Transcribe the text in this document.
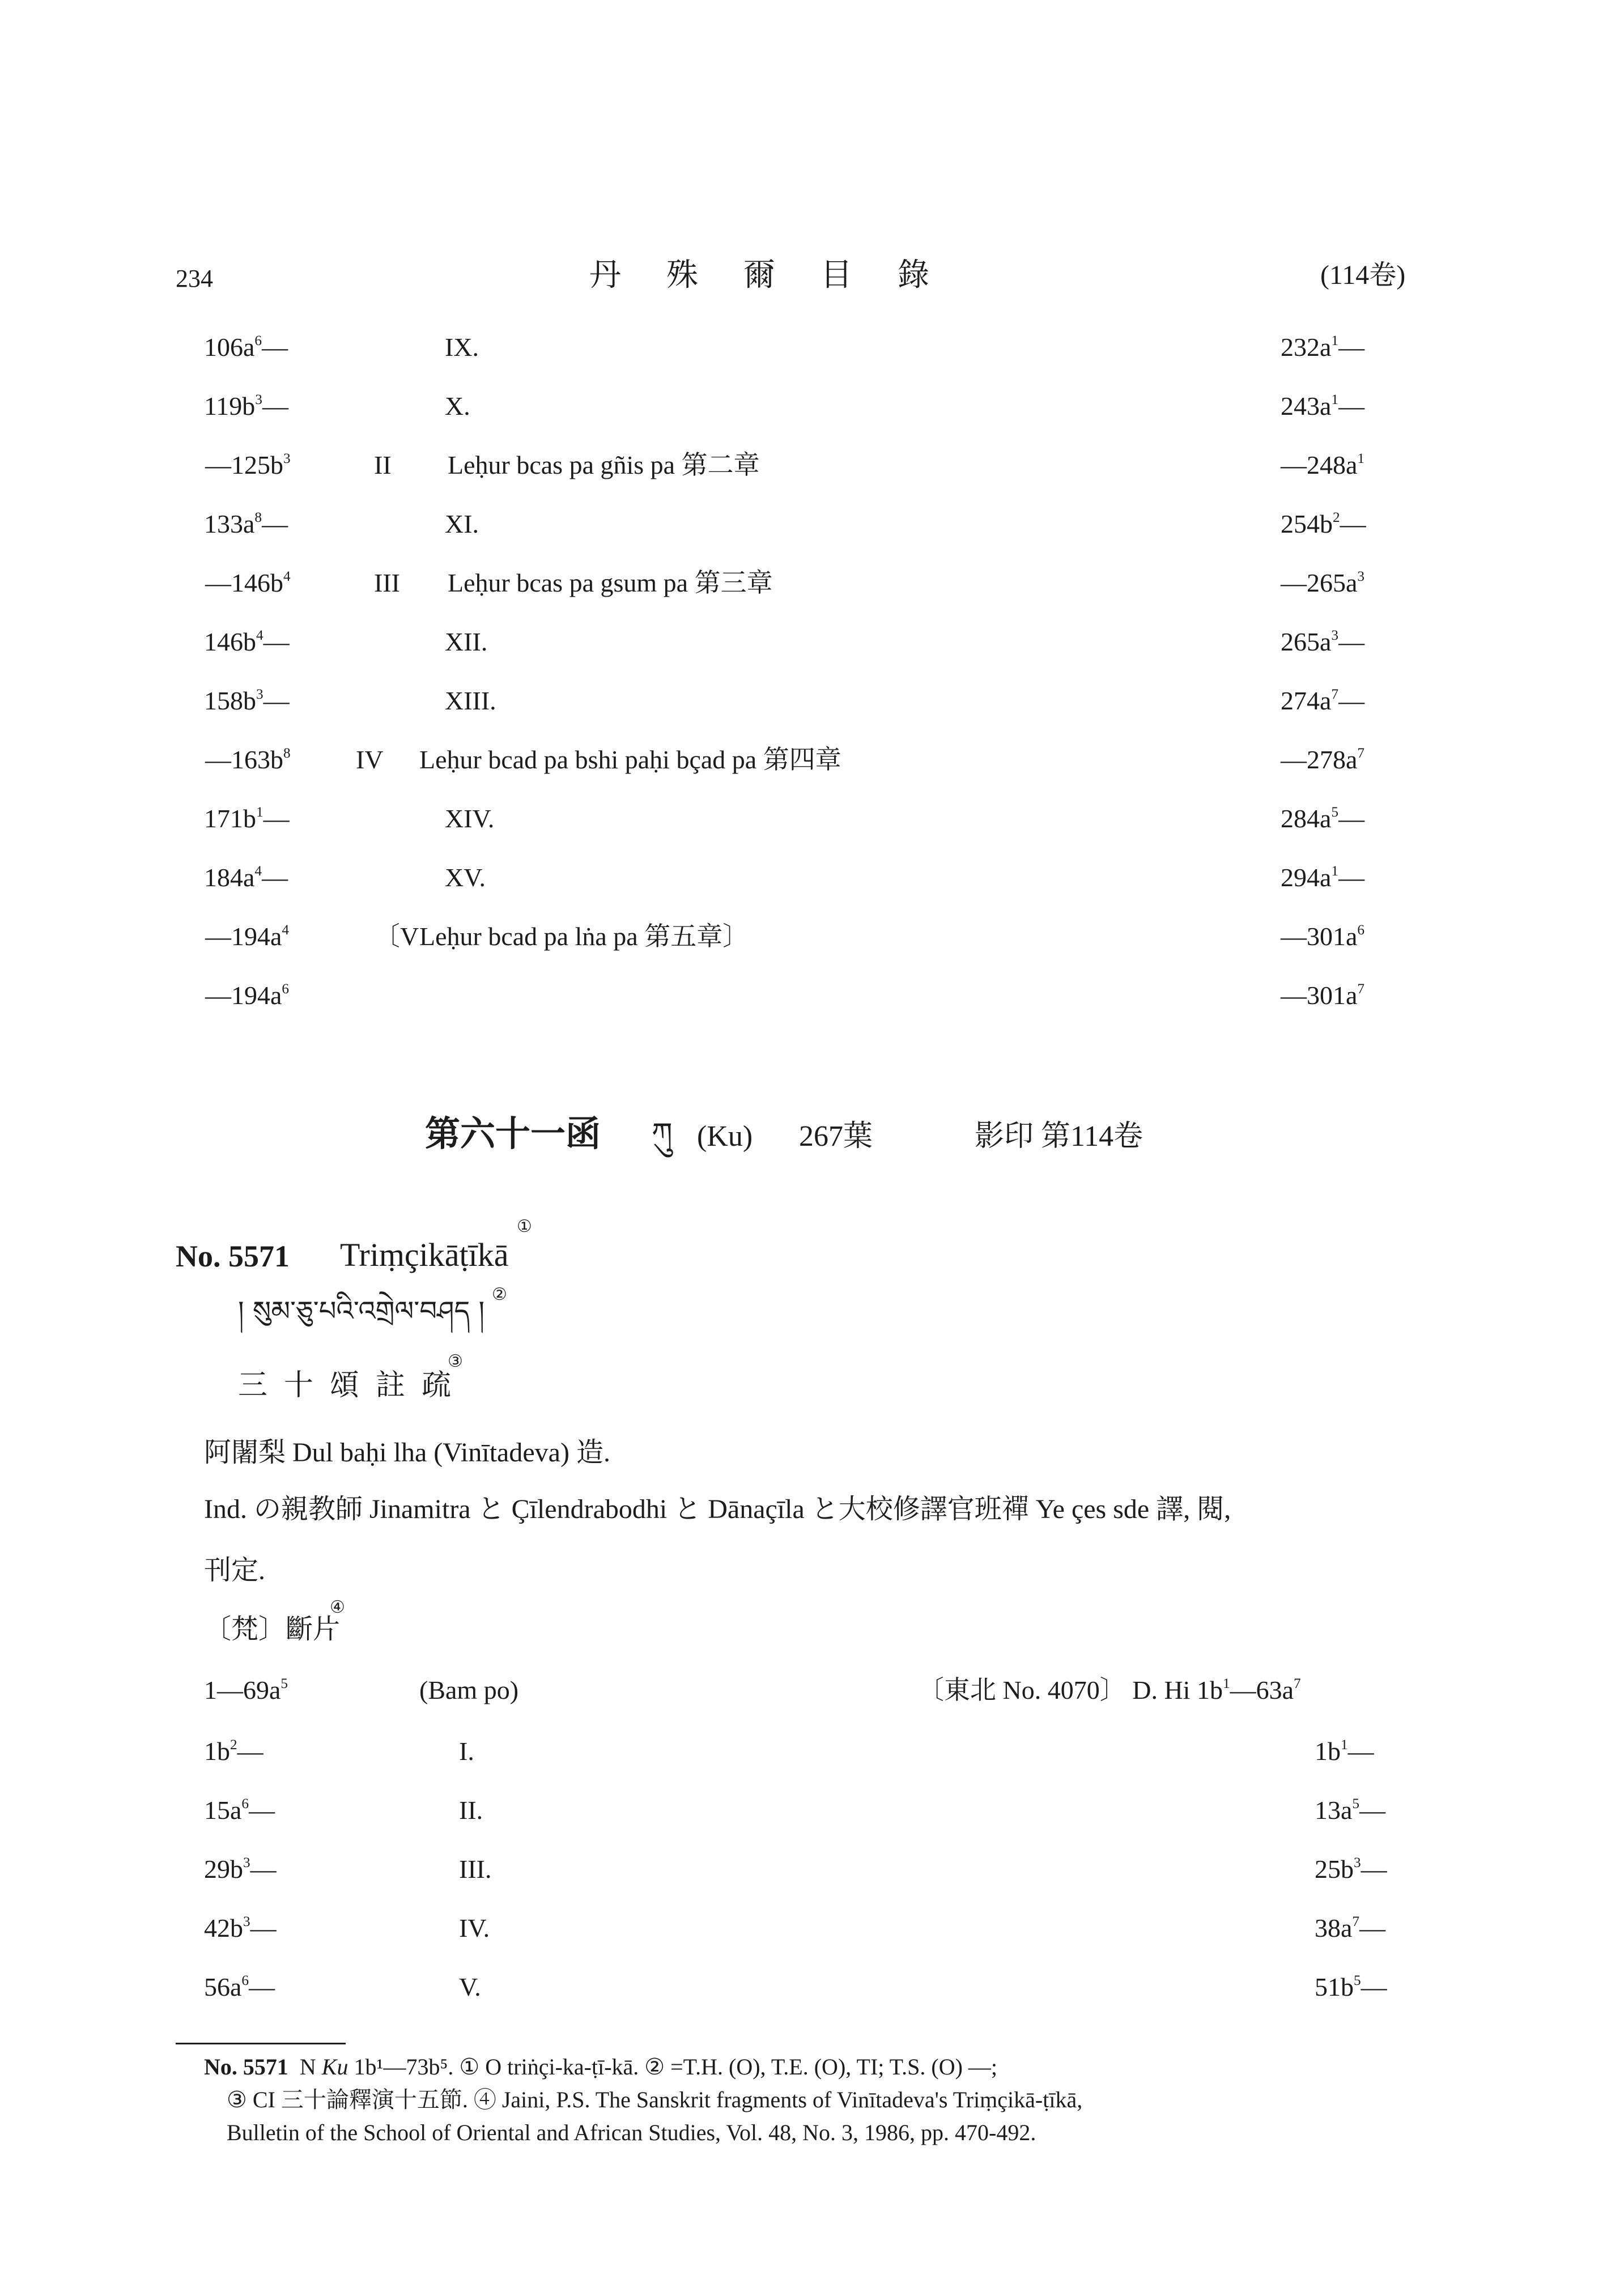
234	丹　殊　爾　目　錄	(114卷)
$106a^6—$	IX.	$232a^1—$
$119b^3—$	X.	$243a^1—$
$—125b^3$	II Leḥur bcas pa gñis pa 第二章	$—248a^1$
$133a^8—$	XI.	$254b^2—$
$—146b^4$	III Leḥur bcas pa gsum pa 第三章	$—265a^3$
$146b^4—$	XII.	$265a^3—$
$158b^3—$	XIII.	$274a^7—$
$—163b^8$	IV Leḥur bcad pa bshi paḥi bçad pa 第四章	$—278a^7$
$171b^1—$	XIV.	$284a^5—$
$184a^4—$	XV.	$294a^1—$
$—194a^4$	〔V Leḥur bcad pa lṅa pa 第五章〕	$—301a^6$
$—194a^6$	$—301a^7$
第六十一函 ཀུ (Ku) 267葉	影印 第114卷
No. 5571 Triṃçikāṭīkā
①
། སུམ་ཅུ་པའི་འགྲེལ་བཤད །
②
三 十 頌 註 疏
③
阿闍梨 Dul baḥi lha (Vinītadeva) 造.
Ind. の親教師 Jinamitra と Çīlendrabodhi と Dānaçīla と大校修譯官班禪 Ye çes sde 譯, 閱,
刊定.
〔梵〕斷片
④
$1—69a^5$	(Bam po)	〔東北 No. 4070〕 D. Hi $1b^1—63a^7$
$1b^2—$	I.	$1b^1—$
$15a^6—$	II.	$13a^5—$
$29b^3—$	III.	$25b^3—$
$42b^3—$	IV.	$38a^7—$
$56a^6—$	V.	$51b^5—$
No. 5571 N Ku 1b¹—73b⁵. ① O triṅçi-ka-ṭī-kā. ② =T.H. (O), T.E. (O), TI; T.S. (O) —;
③ CI 三十論釋演十五節. ④ Jaini, P.S. The Sanskrit fragments of Vinītadeva's Triṃçikā-ṭīkā,
Bulletin of the School of Oriental and African Studies, Vol. 48, No. 3, 1986, pp. 470-492.
